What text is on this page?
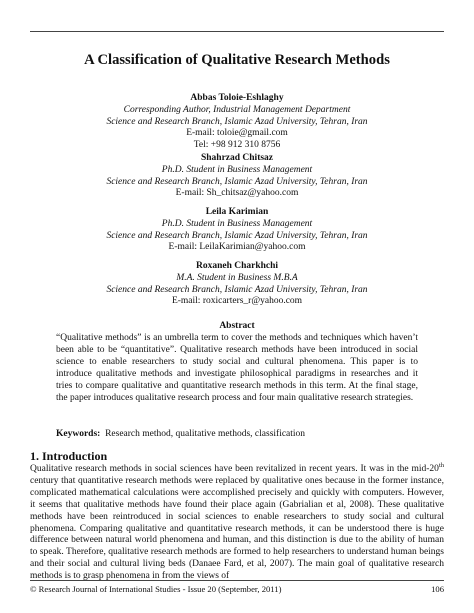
A Classification of Qualitative Research Methods
Abbas Toloie-Eshlaghy
Corresponding Author, Industrial Management Department
Science and Research Branch, Islamic Azad University, Tehran, Iran
E-mail: toloie@gmail.com
Tel: +98 912 310 8756
Shahrzad Chitsaz
Ph.D. Student in Business Management
Science and Research Branch, Islamic Azad University, Tehran, Iran
E-mail: Sh_chitsaz@yahoo.com
Leila Karimian
Ph.D. Student in Business Management
Science and Research Branch, Islamic Azad University, Tehran, Iran
E-mail: LeilaKarimian@yahoo.com
Roxaneh Charkhchi
M.A. Student in Business M.B.A
Science and Research Branch, Islamic Azad University, Tehran, Iran
E-mail: roxicarters_r@yahoo.com
Abstract
“Qualitative methods” is an umbrella term to cover the methods and techniques which haven’t been able to be “quantitative”. Qualitative research methods have been introduced in social science to enable researchers to study social and cultural phenomena. This paper is to introduce qualitative methods and investigate philosophical paradigms in researches and it tries to compare qualitative and quantitative research methods in this term. At the final stage, the paper introduces qualitative research process and four main qualitative research strategies.
Keywords: Research method, qualitative methods, classification
1. Introduction
Qualitative research methods in social sciences have been revitalized in recent years. It was in the mid-20th century that quantitative research methods were replaced by qualitative ones because in the former instance, complicated mathematical calculations were accomplished precisely and quickly with computers. However, it seems that qualitative methods have found their place again (Gabrialian et al, 2008). These qualitative methods have been reintroduced in social sciences to enable researchers to study social and cultural phenomena. Comparing qualitative and quantitative research methods, it can be understood there is huge difference between natural world phenomena and human, and this distinction is due to the ability of human to speak. Therefore, qualitative research methods are formed to help researchers to understand human beings and their social and cultural living beds (Danaee Fard, et al, 2007). The main goal of qualitative research methods is to grasp phenomena in from the views of
© Research Journal of International Studies - Issue 20 (September, 2011)	106
